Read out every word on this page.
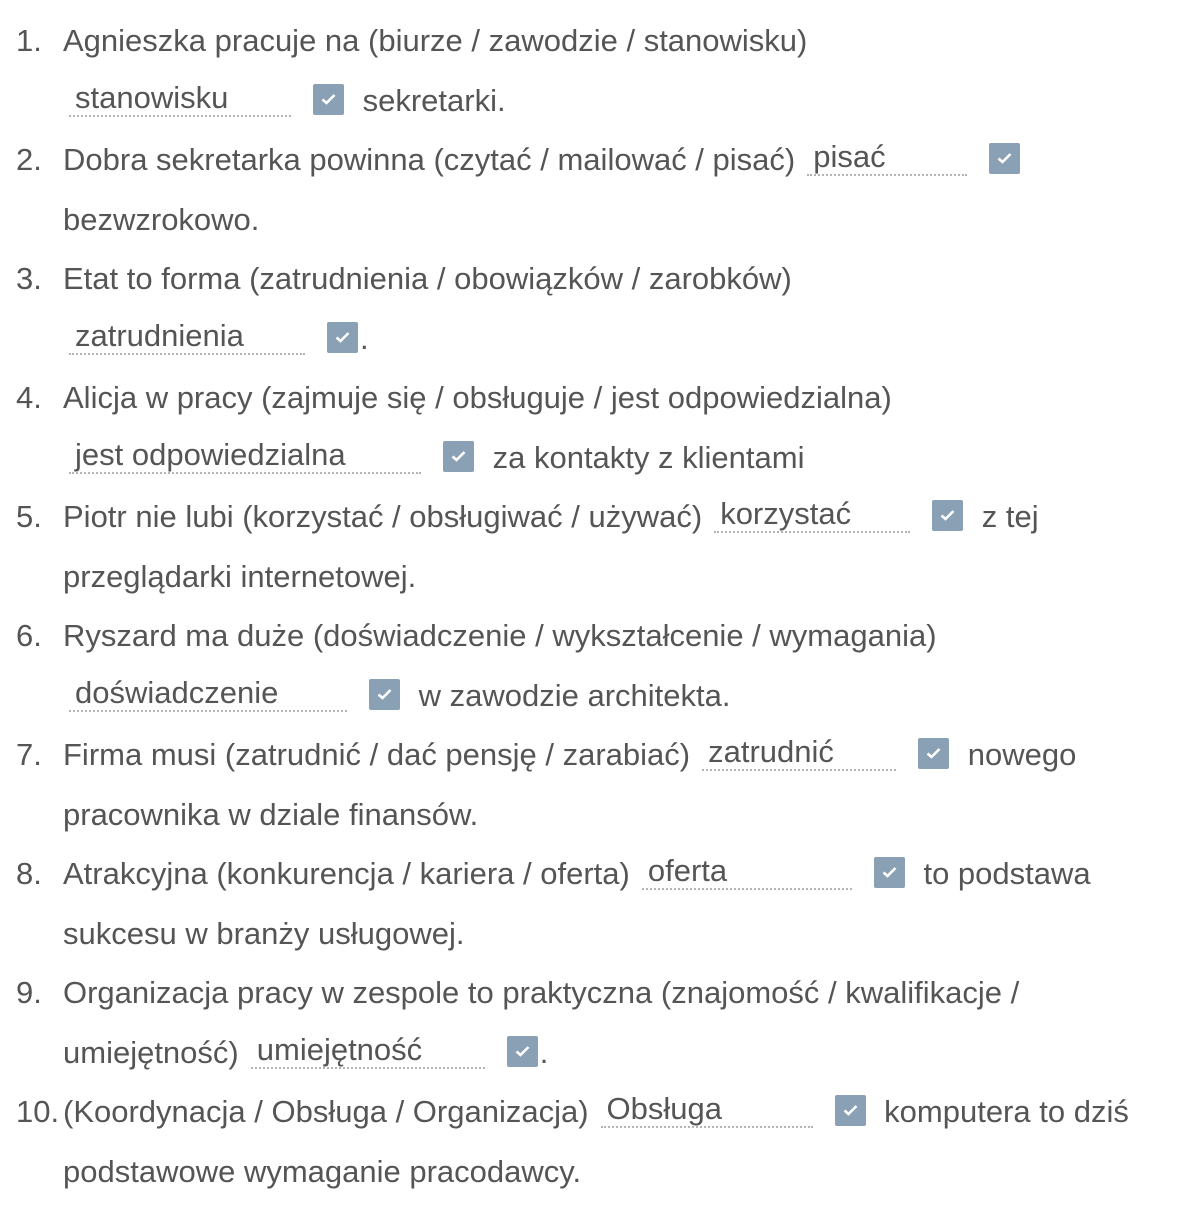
1. Agnieszka pracuje na (biurze / zawodzie / stanowisku)
stanowisku	sekretarki.
2. Dobra sekretarka powinna (czytać / mailować / pisać) pisać

bezwzrokowo.
3. Etat to forma (zatrudnienia / obowiązków / zarobków)
zatrudnienia	.
4. Alicja w pracy (zajmuje się / obsługuje / jest odpowiedzialna)
jest odpowiedzialna	za kontakty z klientami
5. Piotr nie lubi (korzystać / obsługiwać / używać) korzystać	z tej przeglądarki internetowej.
6. Ryszard ma duże (doświadczenie / wykształcenie / wymagania)
doświadczenie	w zawodzie architekta.
7. Firma musi (zatrudnić / dać pensję / zarabiać) zatrudnić	nowego pracownika w dziale finansów.
8. Atrakcyjna (konkurencja / kariera / oferta) oferta	to podstawa sukcesu w branży usługowej.
9. Organizacja pracy w zespole to praktyczna (znajomość / kwalifikacje / umiejętność) umiejętność	.
10. (Koordynacja / Obsługa / Organizacja) Obsługa	komputera to dziś podstawowe wymaganie pracodawcy.
